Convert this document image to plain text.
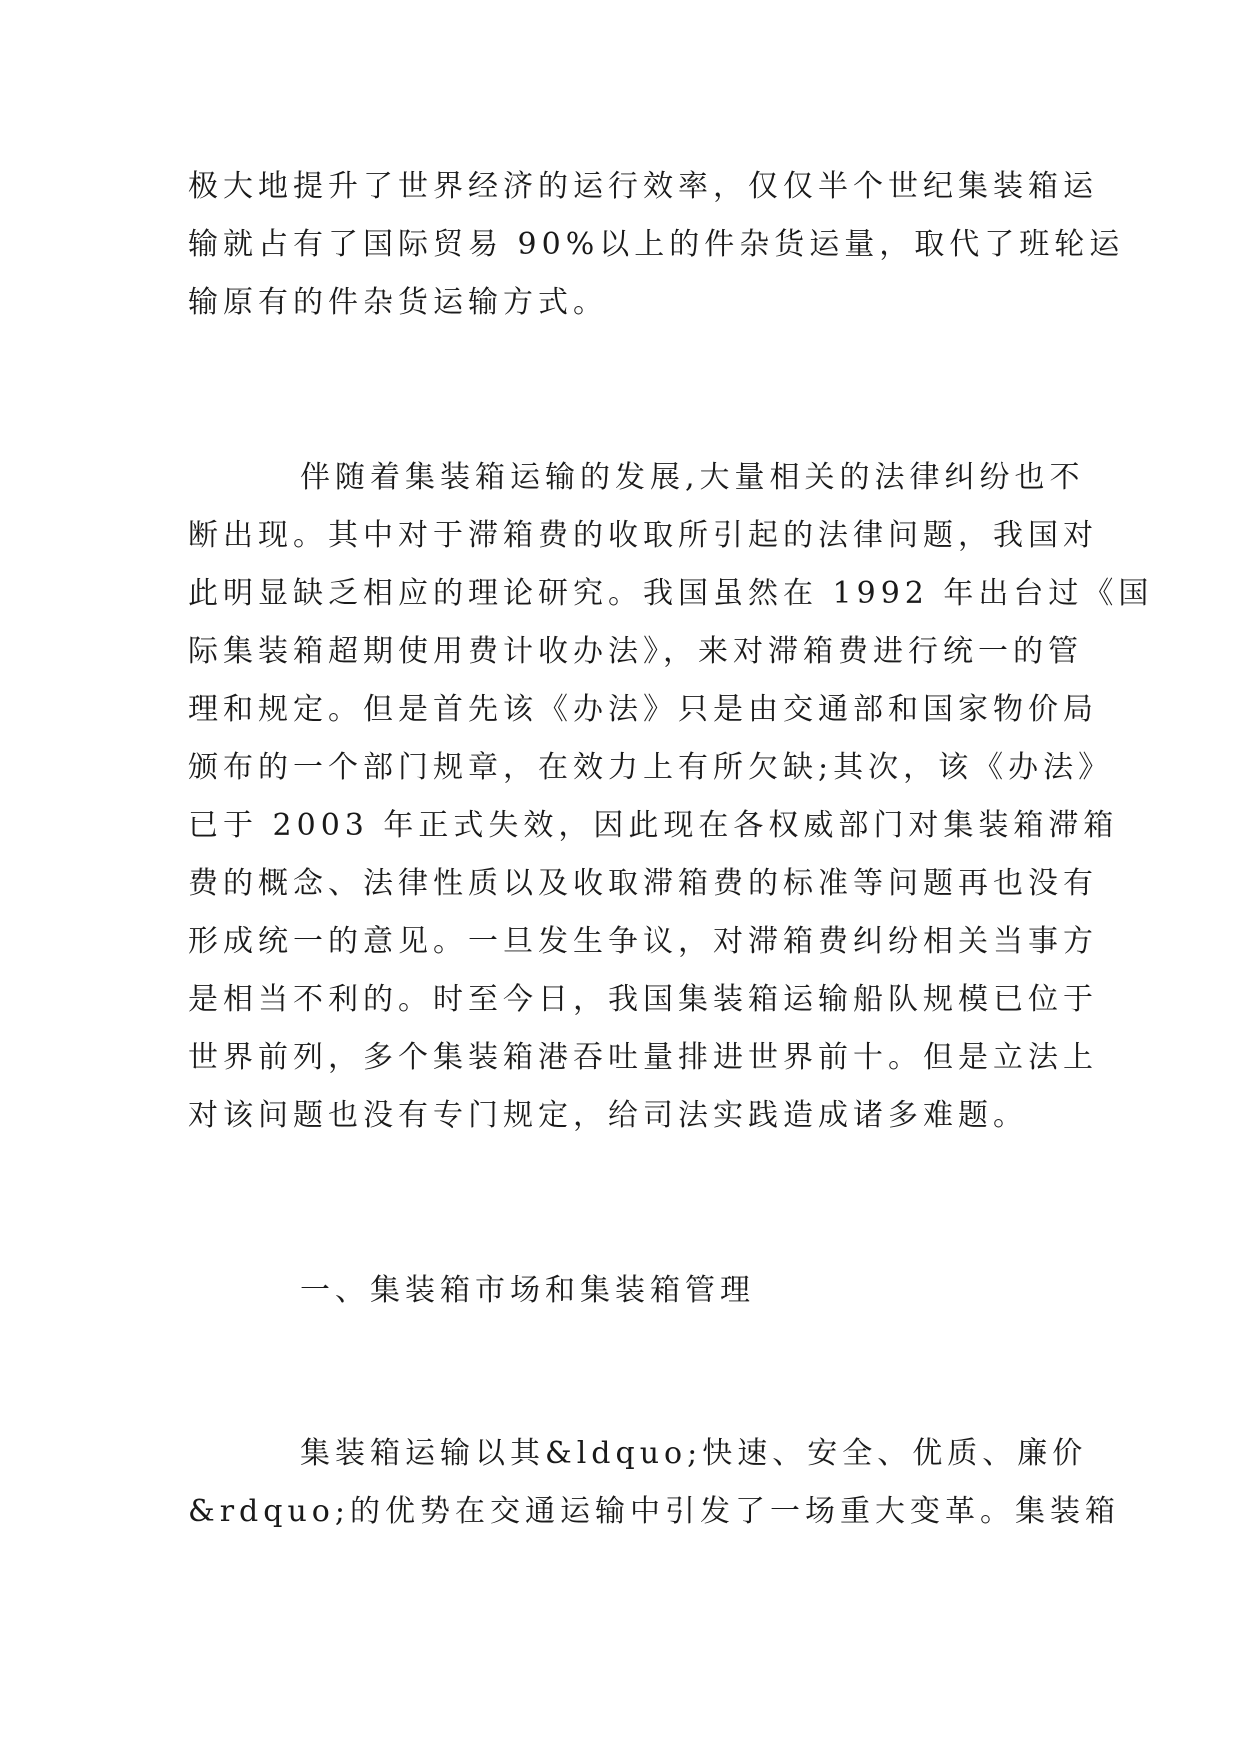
极大地提升了世界经济的运行效率，仅仅半个世纪集装箱运
输就占有了国际贸易 90%以上的件杂货运量，取代了班轮运
输原有的件杂货运输方式。
伴随着集装箱运输的发展,大量相关的法律纠纷也不
断出现。其中对于滞箱费的收取所引起的法律问题，我国对
此明显缺乏相应的理论研究。我国虽然在 1992 年出台过《国
际集装箱超期使用费计收办法》，来对滞箱费进行统一的管
理和规定。但是首先该《办法》只是由交通部和国家物价局
颁布的一个部门规章，在效力上有所欠缺;其次，该《办法》
已于 2003 年正式失效，因此现在各权威部门对集装箱滞箱
费的概念、法律性质以及收取滞箱费的标准等问题再也没有
形成统一的意见。一旦发生争议，对滞箱费纠纷相关当事方
是相当不利的。时至今日，我国集装箱运输船队规模已位于
世界前列，多个集装箱港吞吐量排进世界前十。但是立法上
对该问题也没有专门规定，给司法实践造成诸多难题。
一、集装箱市场和集装箱管理
集装箱运输以其&ldquo;快速、安全、优质、廉价
&rdquo;的优势在交通运输中引发了一场重大变革。集装箱
